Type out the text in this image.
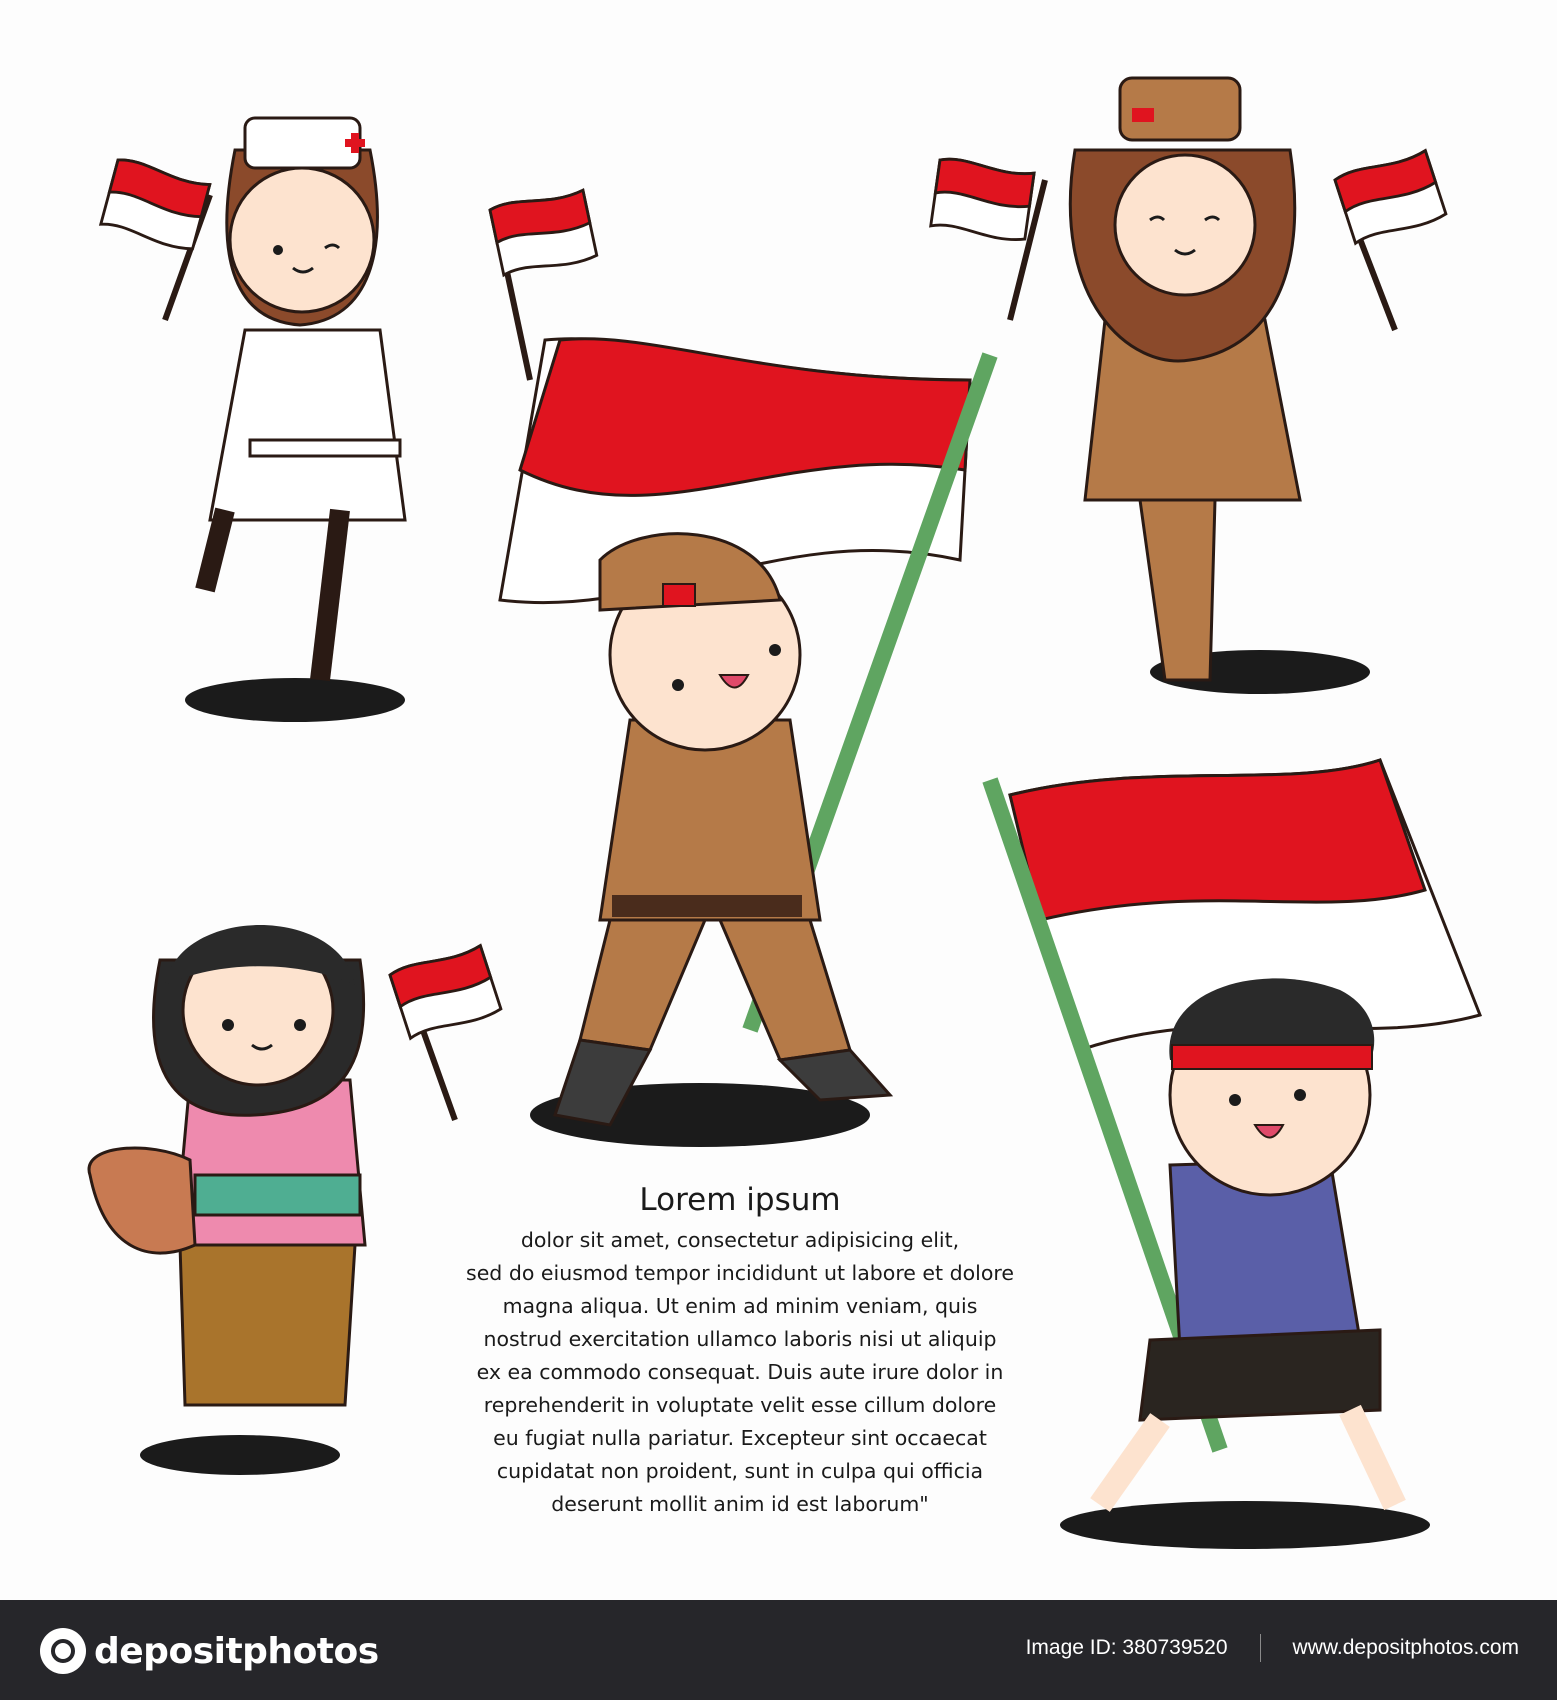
Lorem ipsum
dolor sit amet, consectetur adipisicing elit,
sed do eiusmod tempor incididunt ut labore et dolore
magna aliqua. Ut enim ad minim veniam, quis
nostrud exercitation ullamco laboris nisi ut aliquip
ex ea commodo consequat. Duis aute irure dolor in
reprehenderit in voluptate velit esse cillum dolore
eu fugiat nulla pariatur. Excepteur sint occaecat
cupidatat non proident, sunt in culpa qui officia
deserunt mollit anim id est laborum"
depositphotos	Image ID: 380739520	www.depositphotos.com
